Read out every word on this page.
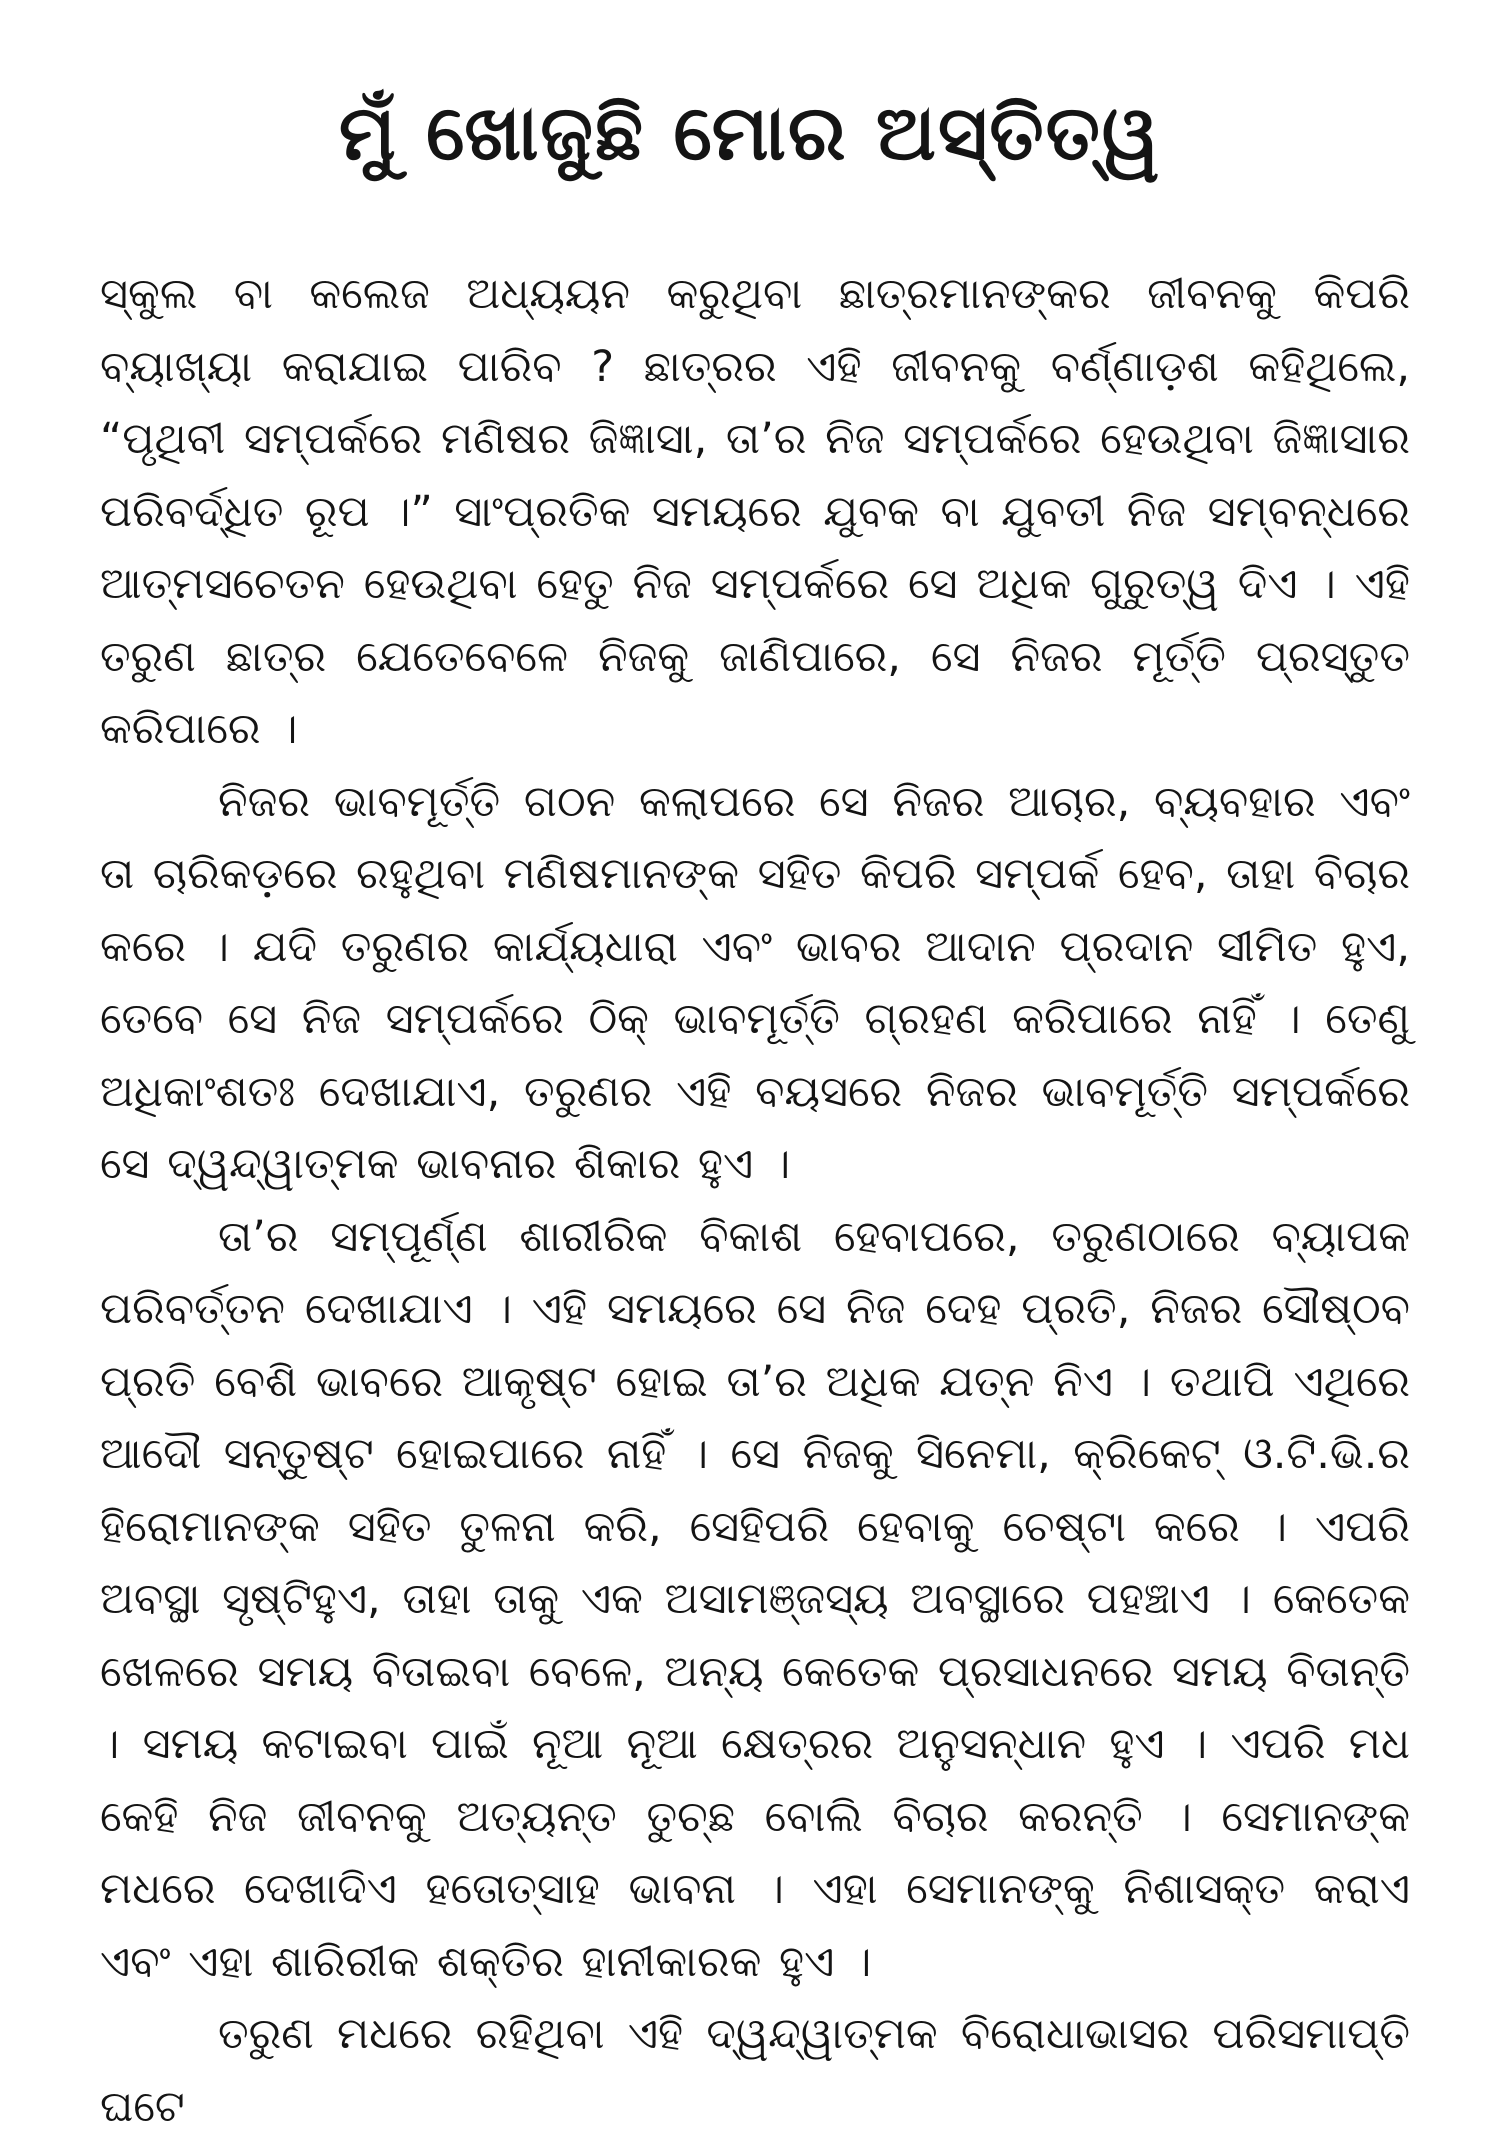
ମୁଁ ଖୋଜୁଛି ମୋର ଅସ୍ତିତ୍ୱ

ସ୍କୁଲ ବା କଲେଜ ଅଧ୍ୟୟନ କରୁଥିବା ଛାତ୍ରମାନଙ୍କର ଜୀବନକୁ କିପରି ବ୍ୟାଖ୍ୟା କରାଯାଇ ପାରିବ ? ଛାତ୍ରର ଏହି ଜୀବନକୁ ବର୍ଣ୍ଣାଡ଼ଶ କହିଥିଲେ, “ପୃଥିବୀ ସମ୍ପର୍କରେ ମଣିଷର ଜିଜ୍ଞାସା, ତା’ର ନିଜ ସମ୍ପର୍କରେ ହେଉଥିବା ଜିଜ୍ଞାସାର ପରିବର୍ଦ୍ଧିତ ରୂପ ।” ସାଂପ୍ରତିକ ସମୟରେ ଯୁବକ ବା ଯୁବତୀ ନିଜ ସମ୍ବନ୍ଧରେ ଆତ୍ମସଚେତନ ହେଉଥିବା ହେତୁ ନିଜ ସମ୍ପର୍କରେ ସେ ଅଧିକ ଗୁରୁତ୍ୱ ଦିଏ । ଏହି ତରୁଣ ଛାତ୍ର ଯେତେବେଳେ ନିଜକୁ ଜାଣିପାରେ, ସେ ନିଜର ମୂର୍ତ୍ତି ପ୍ରସ୍ତୁତ କରିପାରେ ।

ନିଜର ଭାବମୂର୍ତ୍ତି ଗଠନ କଲାପରେ ସେ ନିଜର ଆଚାର, ବ୍ୟବହାର ଏବଂ ତା ଚାରିକଡ଼ରେ ରହୁଥିବା ମଣିଷମାନଙ୍କ ସହିତ କିପରି ସମ୍ପର୍କ ହେବ, ତାହା ବିଚାର କରେ । ଯଦି ତରୁଣର କାର୍ଯ୍ୟଧାରା ଏବଂ ଭାବର ଆଦାନ ପ୍ରଦାନ ସୀମିତ ହୁଏ, ତେବେ ସେ ନିଜ ସମ୍ପର୍କରେ ଠିକ୍ ଭାବମୂର୍ତ୍ତି ଗ୍ରହଣ କରିପାରେ ନାହିଁ । ତେଣୁ ଅଧିକାଂଶତଃ ଦେଖାଯାଏ, ତରୁଣର ଏହି ବୟସରେ ନିଜର ଭାବମୂର୍ତ୍ତି ସମ୍ପର୍କରେ ସେ ଦ୍ୱନ୍ଦ୍ୱାତ୍ମକ ଭାବନାର ଶିକାର ହୁଏ ।

ତା’ର ସମ୍ପୂର୍ଣ୍ଣ ଶାରୀରିକ ବିକାଶ ହେବାପରେ, ତରୁଣଠାରେ ବ୍ୟାପକ ପରିବର୍ତ୍ତନ ଦେଖାଯାଏ । ଏହି ସମୟରେ ସେ ନିଜ ଦେହ ପ୍ରତି, ନିଜର ସୌଷ୍ଠବ ପ୍ରତି ବେଶି ଭାବରେ ଆକୃଷ୍ଟ ହୋଇ ତା’ର ଅଧିକ ଯତ୍ନ ନିଏ । ତଥାପି ଏଥିରେ ଆଦୌ ସନ୍ତୁଷ୍ଟ ହୋଇପାରେ ନାହିଁ । ସେ ନିଜକୁ ସିନେମା, କ୍ରିକେଟ୍ ଓ.ଟି.ଭି.ର ହିରୋମାନଙ୍କ ସହିତ ତୁଳନା କରି, ସେହିପରି ହେବାକୁ ଚେଷ୍ଟା କରେ । ଏପରି ଅବସ୍ଥା ସୃଷ୍ଟିହୁଏ, ତାହା ତାକୁ ଏକ ଅସାମଞ୍ଜସ୍ୟ ଅବସ୍ଥାରେ ପହଞ୍ଚାଏ । କେତେକ ଖେଳରେ ସମୟ ବିତାଇବା ବେଳେ, ଅନ୍ୟ କେତେକ ପ୍ରସାଧନରେ ସମୟ ବିତାନ୍ତି । ସମୟ କଟାଇବା ପାଇଁ ନୂଆ ନୂଆ କ୍ଷେତ୍ରର ଅନୁସନ୍ଧାନ ହୁଏ । ଏପରି ମଧ କେହି ନିଜ ଜୀବନକୁ ଅତ୍ୟନ୍ତ ତୁଚ୍ଛ ବୋଲି ବିଚାର କରନ୍ତି । ସେମାନଙ୍କ ମଧରେ ଦେଖାଦିଏ ହତୋତ୍ସାହ ଭାବନା । ଏହା ସେମାନଙ୍କୁ ନିଶାସକ୍ତ କରାଏ ଏବଂ ଏହା ଶାରିରୀକ ଶକ୍ତିର ହାନୀକାରକ ହୁଏ ।

ତରୁଣ ମଧରେ ରହିଥିବା ଏହି ଦ୍ୱନ୍ଦ୍ୱାତ୍ମକ ବିରୋଧାଭାସର ପରିସମାପ୍ତି ଘଟେ
